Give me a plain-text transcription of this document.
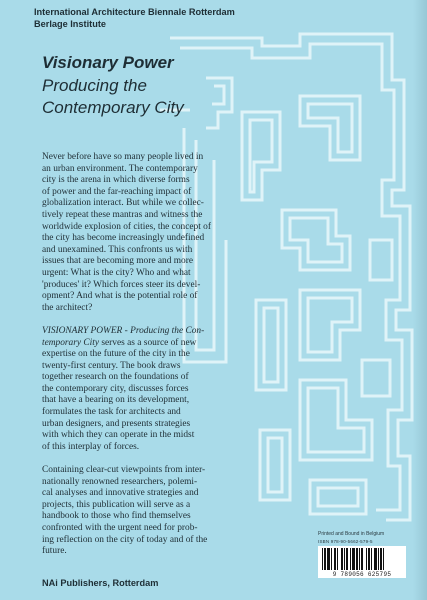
International Architecture Biennale Rotterdam
Berlage Institute
Visionary Power
Producing the
Contemporary City

Never before have so many people lived in
an urban environment. The contemporary
city is the arena in which diverse forms
of power and the far-reaching impact of
globalization interact. But while we collec-
tively repeat these mantras and witness the
worldwide explosion of cities, the concept of
the city has become increasingly undefined
and unexamined. This confronts us with
issues that are becoming more and more
urgent: What is the city? Who and what
'produces' it? Which forces steer its devel-
opment? And what is the potential role of
the architect?

VISIONARY POWER - Producing the Con-
temporary City serves as a source of new
expertise on the future of the city in the
twenty-first century. The book draws
together research on the foundations of
the contemporary city, discusses forces
that have a bearing on its development,
formulates the task for architects and
urban designers, and presents strategies
with which they can operate in the midst
of this interplay of forces.

Containing clear-cut viewpoints from inter-
nationally renowned researchers, polemi-
cal analyses and innovative strategies and
projects, this publication will serve as a
handbook to those who find themselves
confronted with the urgent need for prob-
ing reflection on the city of today and of the
future.

Printed and Bound in Belgium
ISBN 978-90-5662-579-5
9 789056 625795
NAi Publishers, Rotterdam
